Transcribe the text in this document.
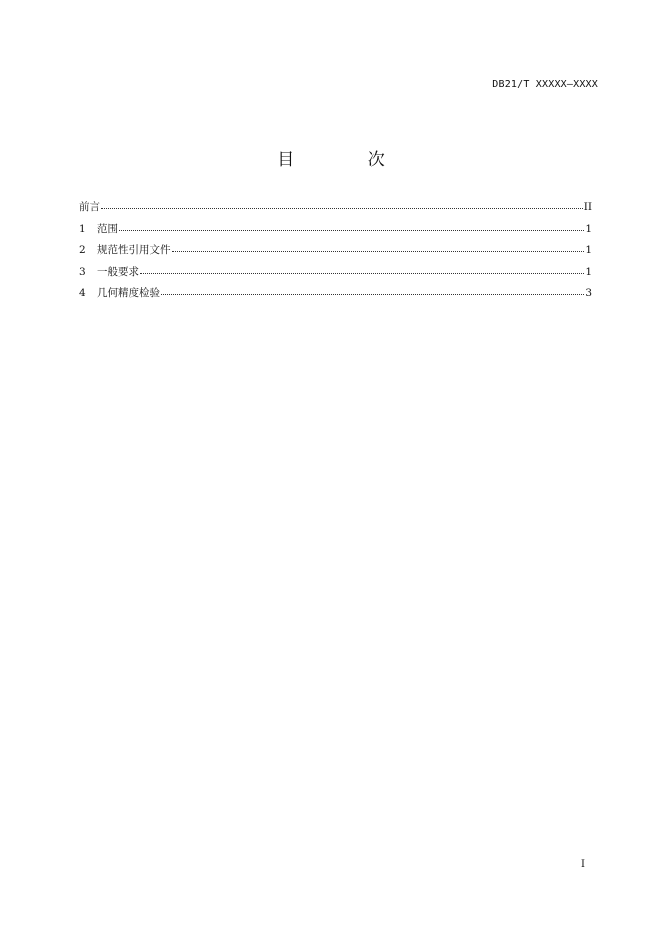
DB21/T XXXXX—XXXX
目 次
前言	II
1	范围	1
2	规范性引用文件	1
3	一般要求	1
4	几何精度检验	3
I
